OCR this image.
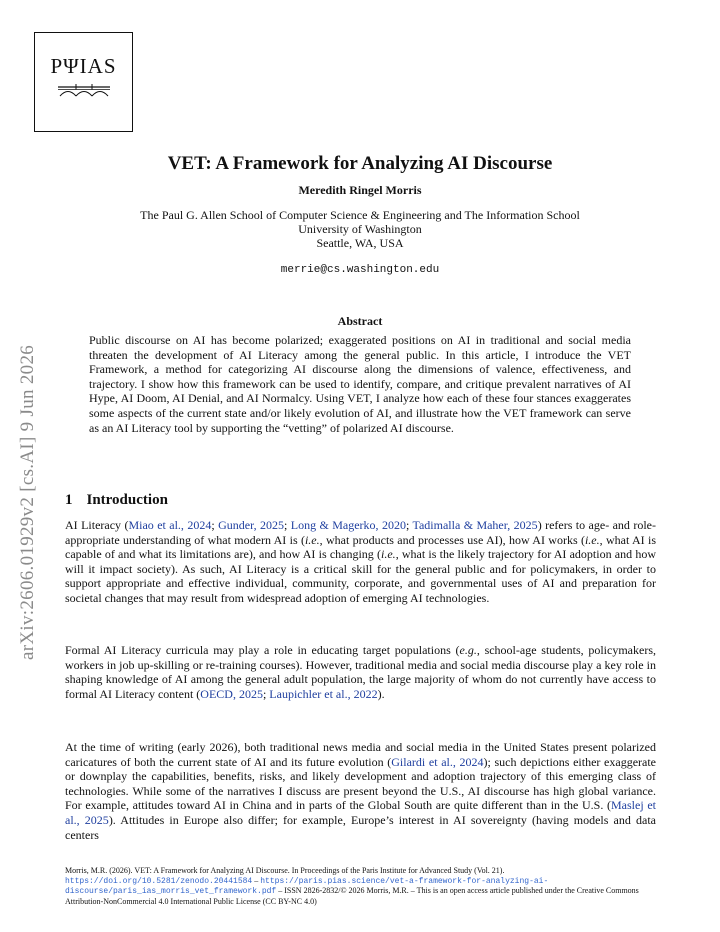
PΨIAS
arXiv:2606.01929v2 [cs.AI] 9 Jun 2026
VET: A Framework for Analyzing AI Discourse
Meredith Ringel Morris
The Paul G. Allen School of Computer Science & Engineering and The Information School
University of Washington
Seattle, WA, USA
merrie@cs.washington.edu
Abstract
Public discourse on AI has become polarized; exaggerated positions on AI in traditional and social media threaten the development of AI Literacy among the general public. In this article, I introduce the VET Framework, a method for categorizing AI discourse along the dimensions of valence, effectiveness, and trajectory. I show how this framework can be used to identify, compare, and critique prevalent narratives of AI Hype, AI Doom, AI Denial, and AI Normalcy. Using VET, I analyze how each of these four stances exaggerates some aspects of the current state and/or likely evolution of AI, and illustrate how the VET framework can serve as an AI Literacy tool by supporting the “vetting” of polarized AI discourse.
1 Introduction
AI Literacy (Miao et al., 2024; Gunder, 2025; Long & Magerko, 2020; Tadimalla & Maher, 2025) refers to age- and role-appropriate understanding of what modern AI is (i.e., what products and processes use AI), how AI works (i.e., what AI is capable of and what its limitations are), and how AI is changing (i.e., what is the likely trajectory for AI adoption and how will it impact society). As such, AI Literacy is a critical skill for the general public and for policymakers, in order to support appropriate and effective individual, community, corporate, and governmental uses of AI and preparation for societal changes that may result from widespread adoption of emerging AI technologies.
Formal AI Literacy curricula may play a role in educating target populations (e.g., school-age students, policymakers, workers in job up-skilling or re-training courses). However, traditional media and social media discourse play a key role in shaping knowledge of AI among the general adult population, the large majority of whom do not currently have access to formal AI Literacy content (OECD, 2025; Laupichler et al., 2022).
At the time of writing (early 2026), both traditional news media and social media in the United States present polarized caricatures of both the current state of AI and its future evolution (Gilardi et al., 2024); such depictions either exaggerate or downplay the capabilities, benefits, risks, and likely development and adoption trajectory of this emerging class of technologies. While some of the narratives I discuss are present beyond the U.S., AI discourse has high global variance. For example, attitudes toward AI in China and in parts of the Global South are quite different than in the U.S. (Maslej et al., 2025). Attitudes in Europe also differ; for example, Europe’s interest in AI sovereignty (having models and data centers
Morris, M.R. (2026). VET: A Framework for Analyzing AI Discourse. In Proceedings of the Paris Institute for Advanced Study (Vol. 21). https://doi.org/10.5281/zenodo.20441584 – https://paris.pias.science/vet-a-framework-for-analyzing-ai-discourse/paris_ias_morris_vet_framework.pdf – ISSN 2826-2832/© 2026 Morris, M.R. – This is an open access article published under the Creative Commons Attribution-NonCommercial 4.0 International Public License (CC BY-NC 4.0)
